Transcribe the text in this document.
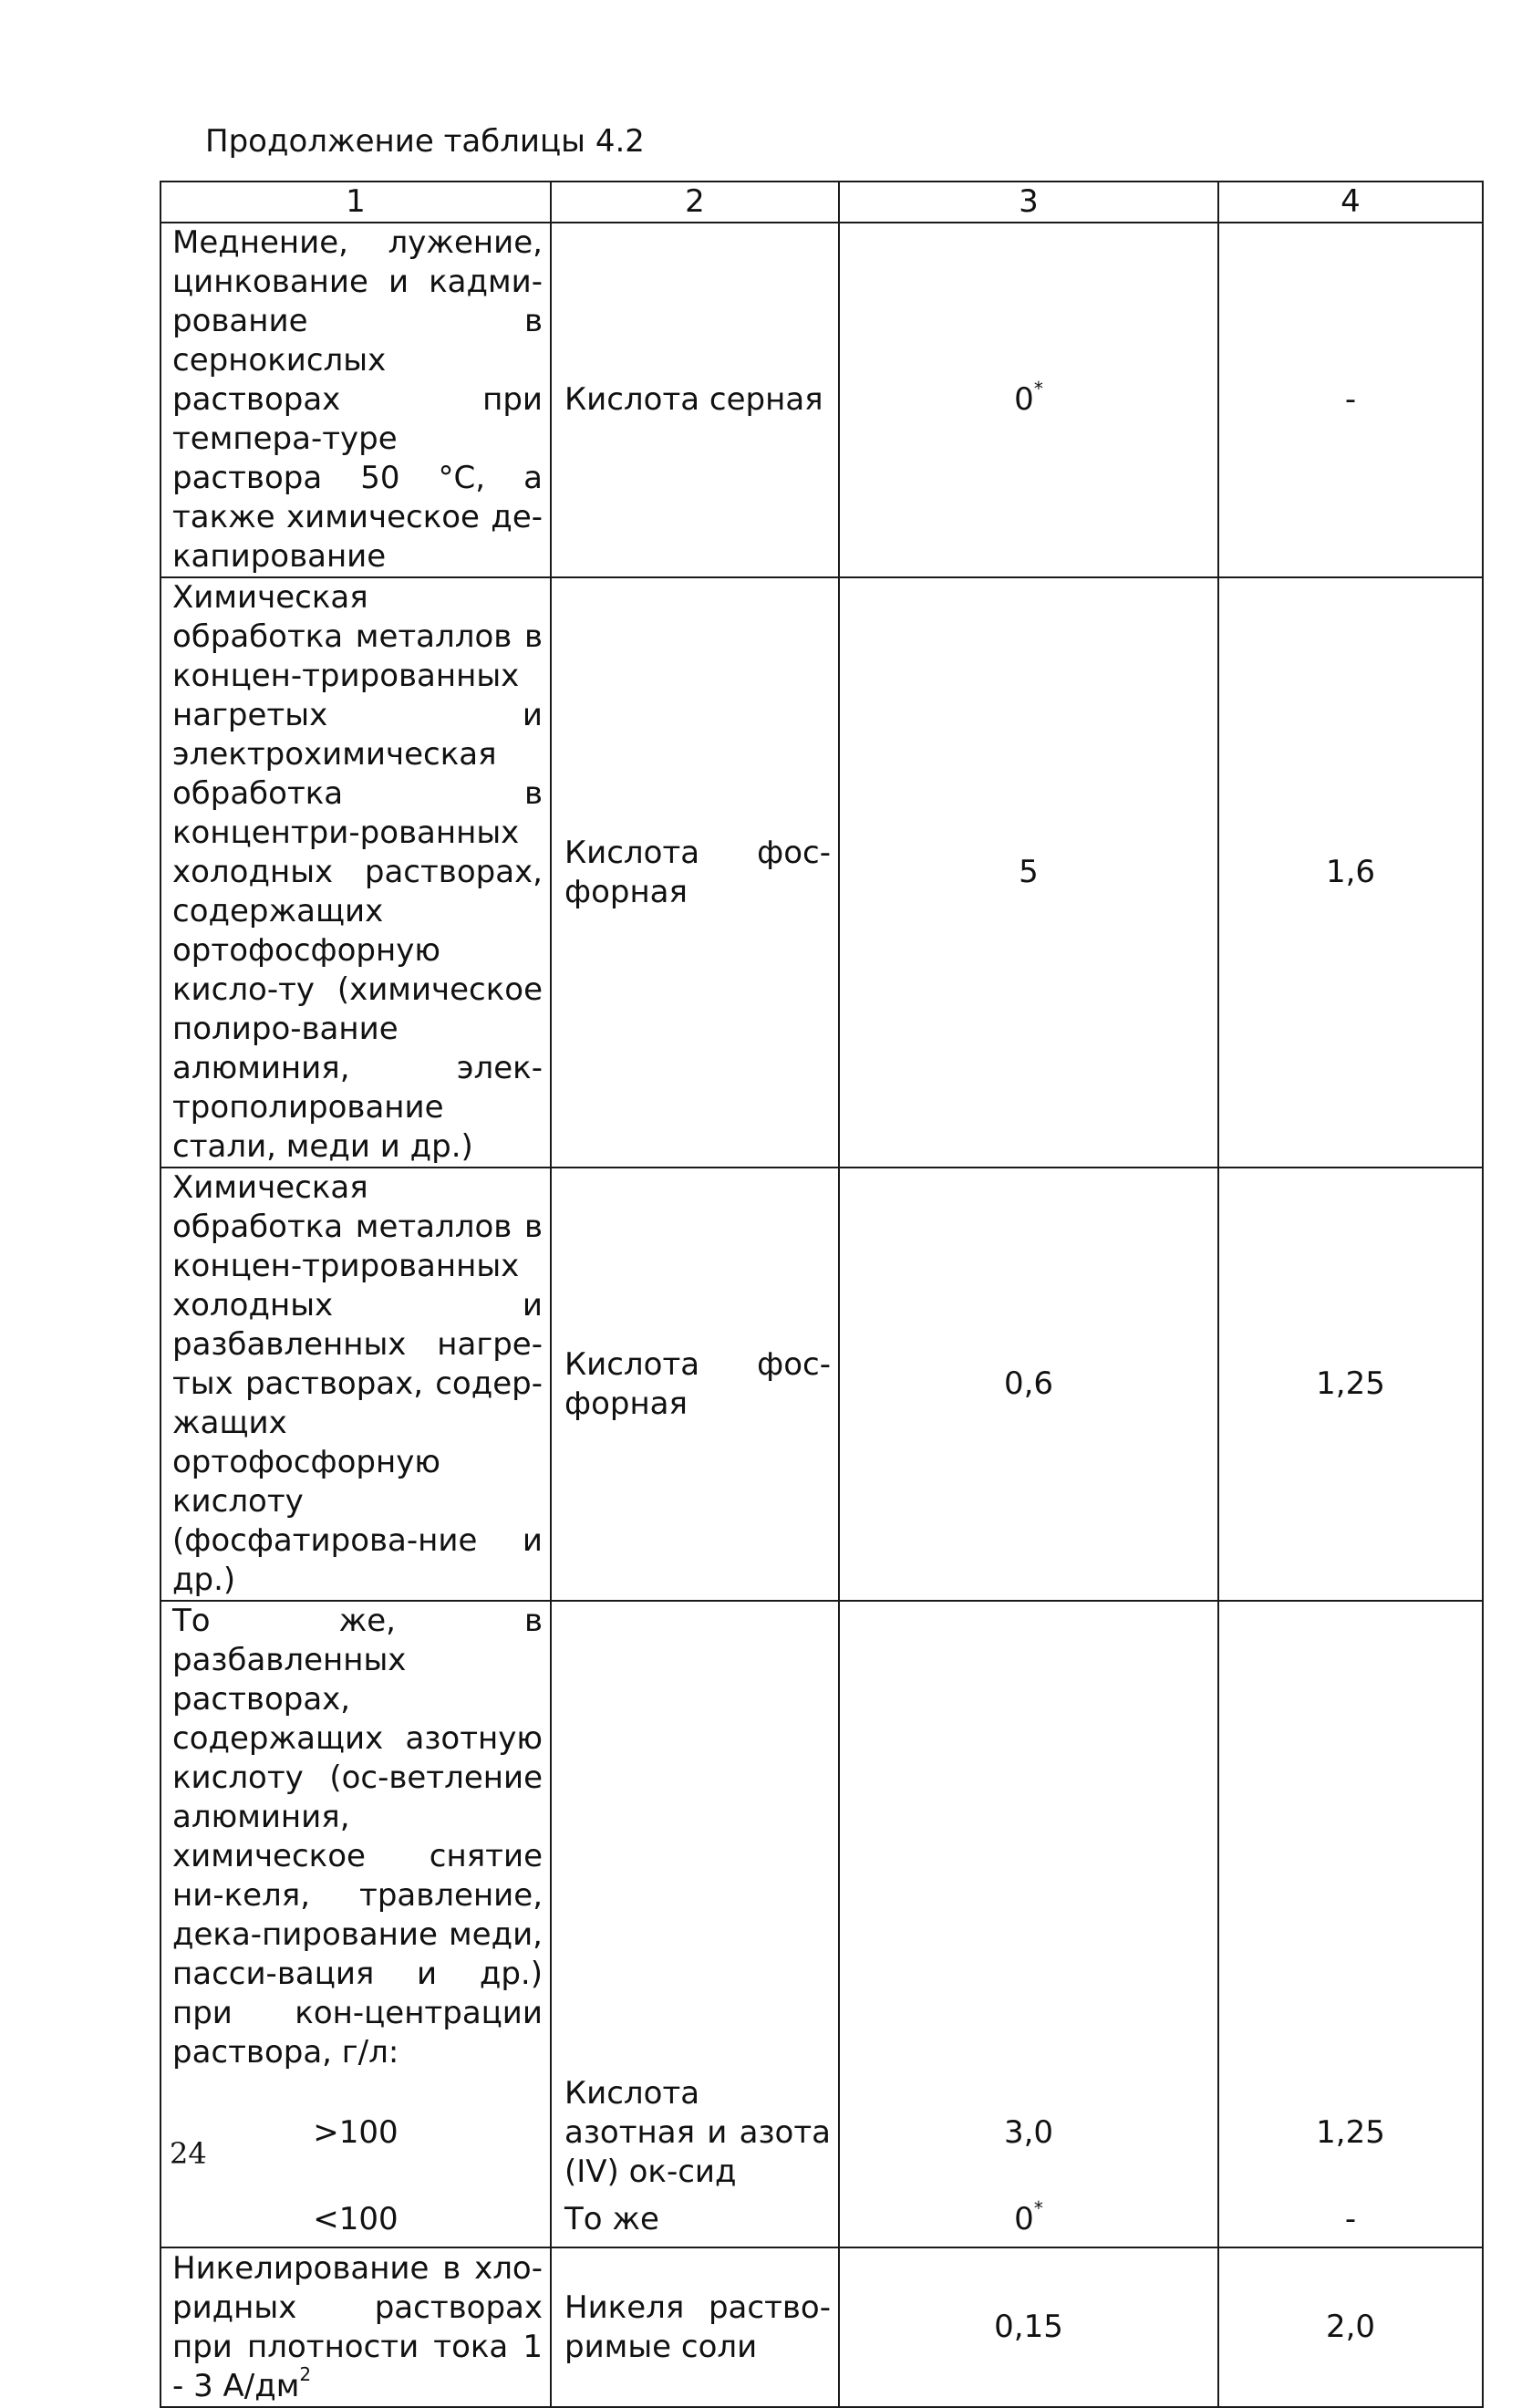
Продолжение таблицы 4.2
1	2	3	4
Меднение, лужение, цинкование и кадми-рование в сернокислых растворах при темпера-туре раствора 50 °С, а также химическое де-капирование	Кислота серная	0*	-
Химическая обработка металлов в концен-трированных нагретых и электрохимическая обработка в концентри-рованных холодных растворах, содержащих ортофосфорную кисло-ту (химическое полиро-вание алюминия, элек-трополирование стали, меди и др.)	Кислота фос-форная	5	1,6
Химическая обработка металлов в концен-трированных холодных и разбавленных нагре-тых растворах, содер-жащих ортофосфорную кислоту (фосфатирова-ние и др.)	Кислота фос-форная	0,6	1,25
То же, в разбавленных растворах, содержащих азотную кислоту (ос-ветление алюминия, химическое снятие ни-келя, травление, дека-пирование меди, пасси-вация и др.) при кон-центрации раствора, г/л:			
>100	Кислота азотная и азота (IV) ок-сид	3,0	1,25
<100	То же	0*	-
Никелирование в хло-ридных растворах при плотности тока 1 - 3 $А/дм^2$	Никеля раство-римые соли	0,15	2,0
24
